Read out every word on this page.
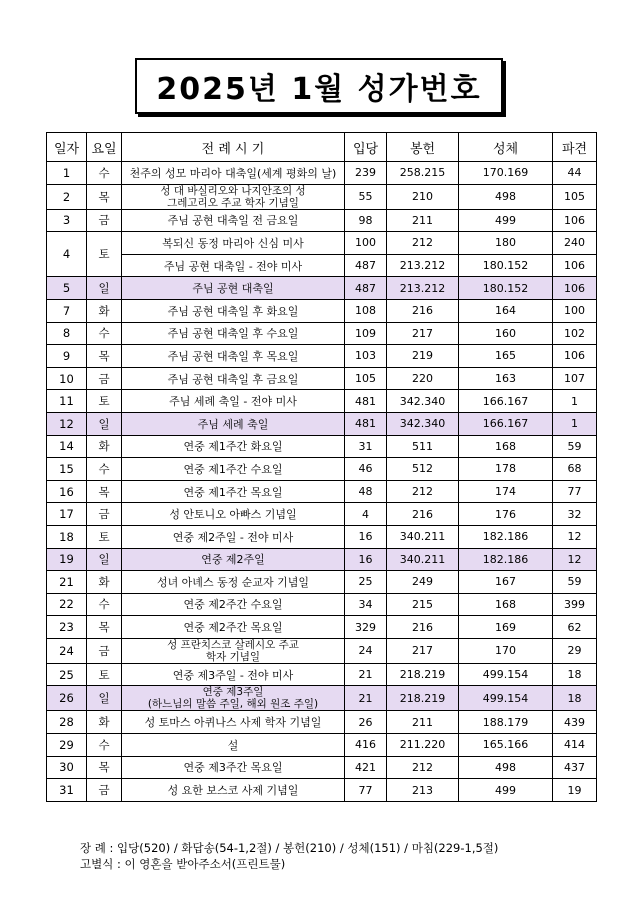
2025년 1월 성가번호
일자	요일	전 례 시 기	입당	봉헌	성체	파견
1	수	천주의 성모 마리아 대축일(세계 평화의 날)	239	258.215	170.169	44
2	목	성 대 바실리오와 나지안조의 성
그레고리오 주교 학자 기념일	55	210	498	105
3	금	주님 공현 대축일 전 금요일	98	211	499	106
4	토	복되신 동정 마리아 신심 미사	100	212	180	240
		주님 공현 대축일 - 전야 미사	487	213.212	180.152	106
5	일	주님 공현 대축일	487	213.212	180.152	106
7	화	주님 공현 대축일 후 화요일	108	216	164	100
8	수	주님 공현 대축일 후 수요일	109	217	160	102
9	목	주님 공현 대축일 후 목요일	103	219	165	106
10	금	주님 공현 대축일 후 금요일	105	220	163	107
11	토	주님 세례 축일 - 전야 미사	481	342.340	166.167	1
12	일	주님 세례 축일	481	342.340	166.167	1
14	화	연중 제1주간 화요일	31	511	168	59
15	수	연중 제1주간 수요일	46	512	178	68
16	목	연중 제1주간 목요일	48	212	174	77
17	금	성 안토니오 아빠스 기념일	4	216	176	32
18	토	연중 제2주일 - 전야 미사	16	340.211	182.186	12
19	일	연중 제2주일	16	340.211	182.186	12
21	화	성녀 아녜스 동정 순교자 기념일	25	249	167	59
22	수	연중 제2주간 수요일	34	215	168	399
23	목	연중 제2주간 목요일	329	216	169	62
24	금	성 프란치스코 살레시오 주교
학자 기념일	24	217	170	29
25	토	연중 제3주일 - 전야 미사	21	218.219	499.154	18
26	일	연중 제3주일
(하느님의 말씀 주일, 해외 원조 주일)	21	218.219	499.154	18
28	화	성 토마스 아퀴나스 사제 학자 기념일	26	211	188.179	439
29	수	설	416	211.220	165.166	414
30	목	연중 제3주간 목요일	421	212	498	437
31	금	성 요한 보스코 사제 기념일	77	213	499	19
장 례 : 입당(520) / 화답송(54-1,2절) / 봉헌(210) / 성체(151) / 마침(229-1,5절)
고별식 : 이 영혼을 받아주소서(프린트물)
